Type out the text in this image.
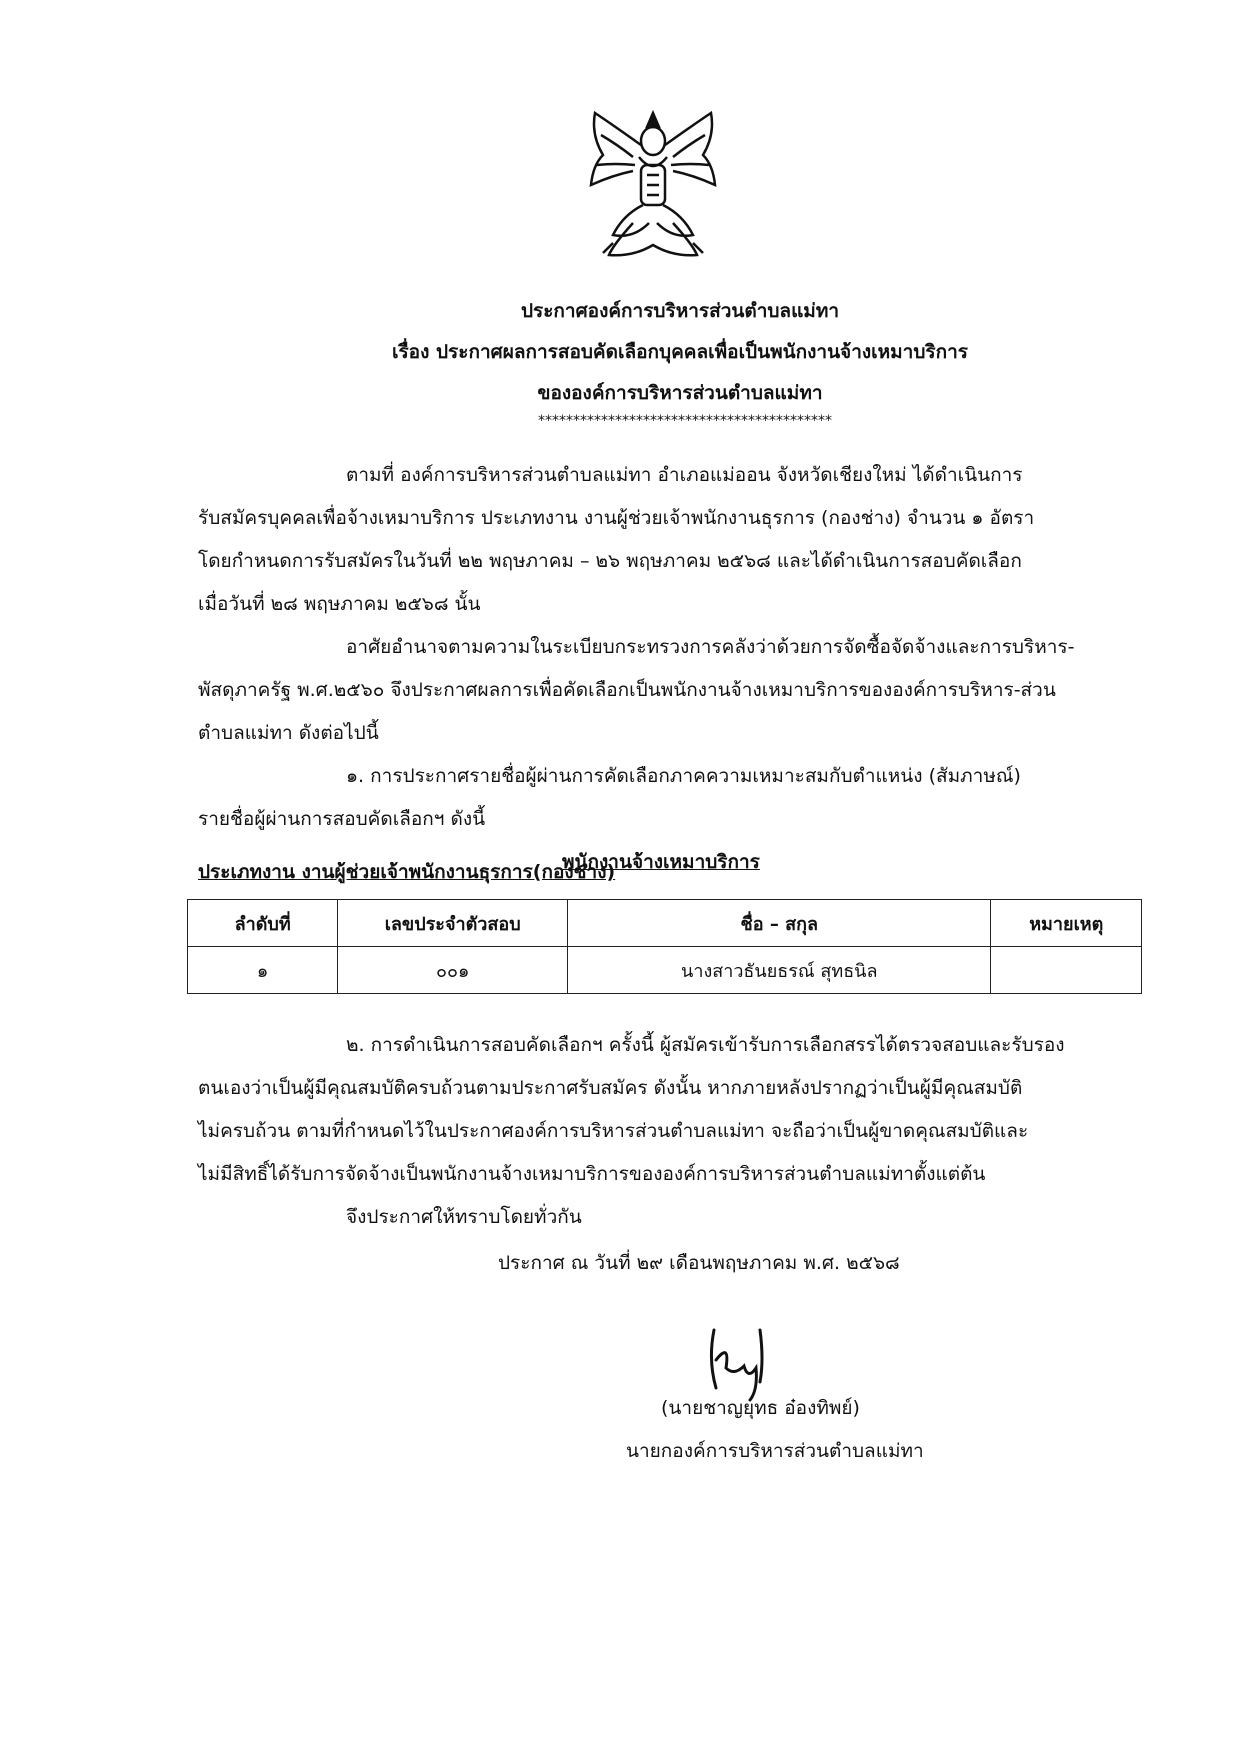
ประกาศองค์การบริหารส่วนตำบลแม่ทา
เรื่อง ประกาศผลการสอบคัดเลือกบุคคลเพื่อเป็นพนักงานจ้างเหมาบริการ
ขององค์การบริหารส่วนตำบลแม่ทา
******************************************
ตามที่ องค์การบริหารส่วนตำบลแม่ทา อำเภอแม่ออน จังหวัดเชียงใหม่ ได้ดำเนินการ
รับสมัครบุคคลเพื่อจ้างเหมาบริการ ประเภทงาน งานผู้ช่วยเจ้าพนักงานธุรการ (กองช่าง) จำนวน ๑ อัตรา
โดยกำหนดการรับสมัครในวันที่ ๒๒ พฤษภาคม – ๒๖ พฤษภาคม ๒๕๖๘ และได้ดำเนินการสอบคัดเลือก
เมื่อวันที่ ๒๘ พฤษภาคม ๒๕๖๘ นั้น
อาศัยอำนาจตามความในระเบียบกระทรวงการคลังว่าด้วยการจัดซื้อจัดจ้างและการบริหาร-
พัสดุภาครัฐ พ.ศ.๒๕๖๐ จึงประกาศผลการเพื่อคัดเลือกเป็นพนักงานจ้างเหมาบริการขององค์การบริหาร-ส่วน
ตำบลแม่ทา ดังต่อไปนี้
๑. การประกาศรายชื่อผู้ผ่านการคัดเลือกภาคความเหมาะสมกับตำแหน่ง (สัมภาษณ์)
รายชื่อผู้ผ่านการสอบคัดเลือกฯ ดังนี้
พนักงานจ้างเหมาบริการ
ประเภทงาน งานผู้ช่วยเจ้าพนักงานธุรการ(กองช่าง)
ลำดับที่	เลขประจำตัวสอบ	ชื่อ – สกุล	หมายเหตุ
๑	๐๐๑	นางสาวธันยธรณ์ สุทธนิล	
๒. การดำเนินการสอบคัดเลือกฯ ครั้งนี้ ผู้สมัครเข้ารับการเลือกสรรได้ตรวจสอบและรับรอง
ตนเองว่าเป็นผู้มีคุณสมบัติครบถ้วนตามประกาศรับสมัคร ดังนั้น หากภายหลังปรากฏว่าเป็นผู้มีคุณสมบัติ
ไม่ครบถ้วน ตามที่กำหนดไว้ในประกาศองค์การบริหารส่วนตำบลแม่ทา จะถือว่าเป็นผู้ขาดคุณสมบัติและ
ไม่มีสิทธิ์ได้รับการจัดจ้างเป็นพนักงานจ้างเหมาบริการขององค์การบริหารส่วนตำบลแม่ทาตั้งแต่ต้น
จึงประกาศให้ทราบโดยทั่วกัน
ประกาศ ณ วันที่ ๒๙ เดือนพฤษภาคม พ.ศ. ๒๕๖๘
(นายชาญยุทธ อ๋องทิพย์)
นายกองค์การบริหารส่วนตำบลแม่ทา
